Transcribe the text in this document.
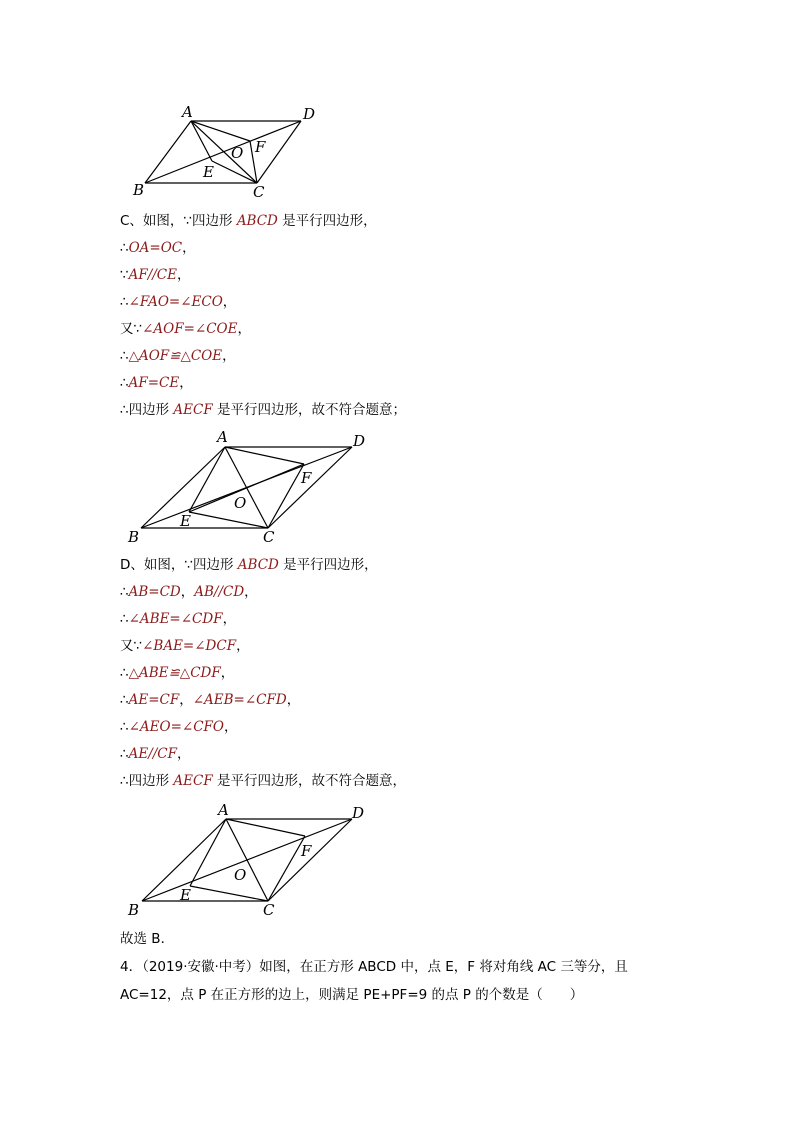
A
B	C
D
E
F
O
C、如图，∵四边形 ABCD 是平行四边形，
∴OA=OC，
∵AF//CE，
∴∠FAO=∠ECO，
又∵∠AOF=∠COE，
∴△AOF≌△COE，
∴AF=CE，
∴四边形 AECF 是平行四边形，故不符合题意；
A
B	C
D
E
F
O
D、如图，∵四边形 ABCD 是平行四边形，
∴AB=CD，AB//CD，
∴∠ABE=∠CDF，
又∵∠BAE=∠DCF，
∴△ABE≌△CDF，
∴AE=CF，∠AEB=∠CFD，
∴∠AEO=∠CFO，
∴AE//CF，
∴四边形 AECF 是平行四边形，故不符合题意，
A
B	C
D
E
F
O
故选 B．
4．（2019·安徽·中考）如图，在正方形 ABCD 中，点 E，F 将对角线 AC 三等分，且
AC=12，点 P 在正方形的边上，则满足 PE+PF=9 的点 P 的个数是（　　）
